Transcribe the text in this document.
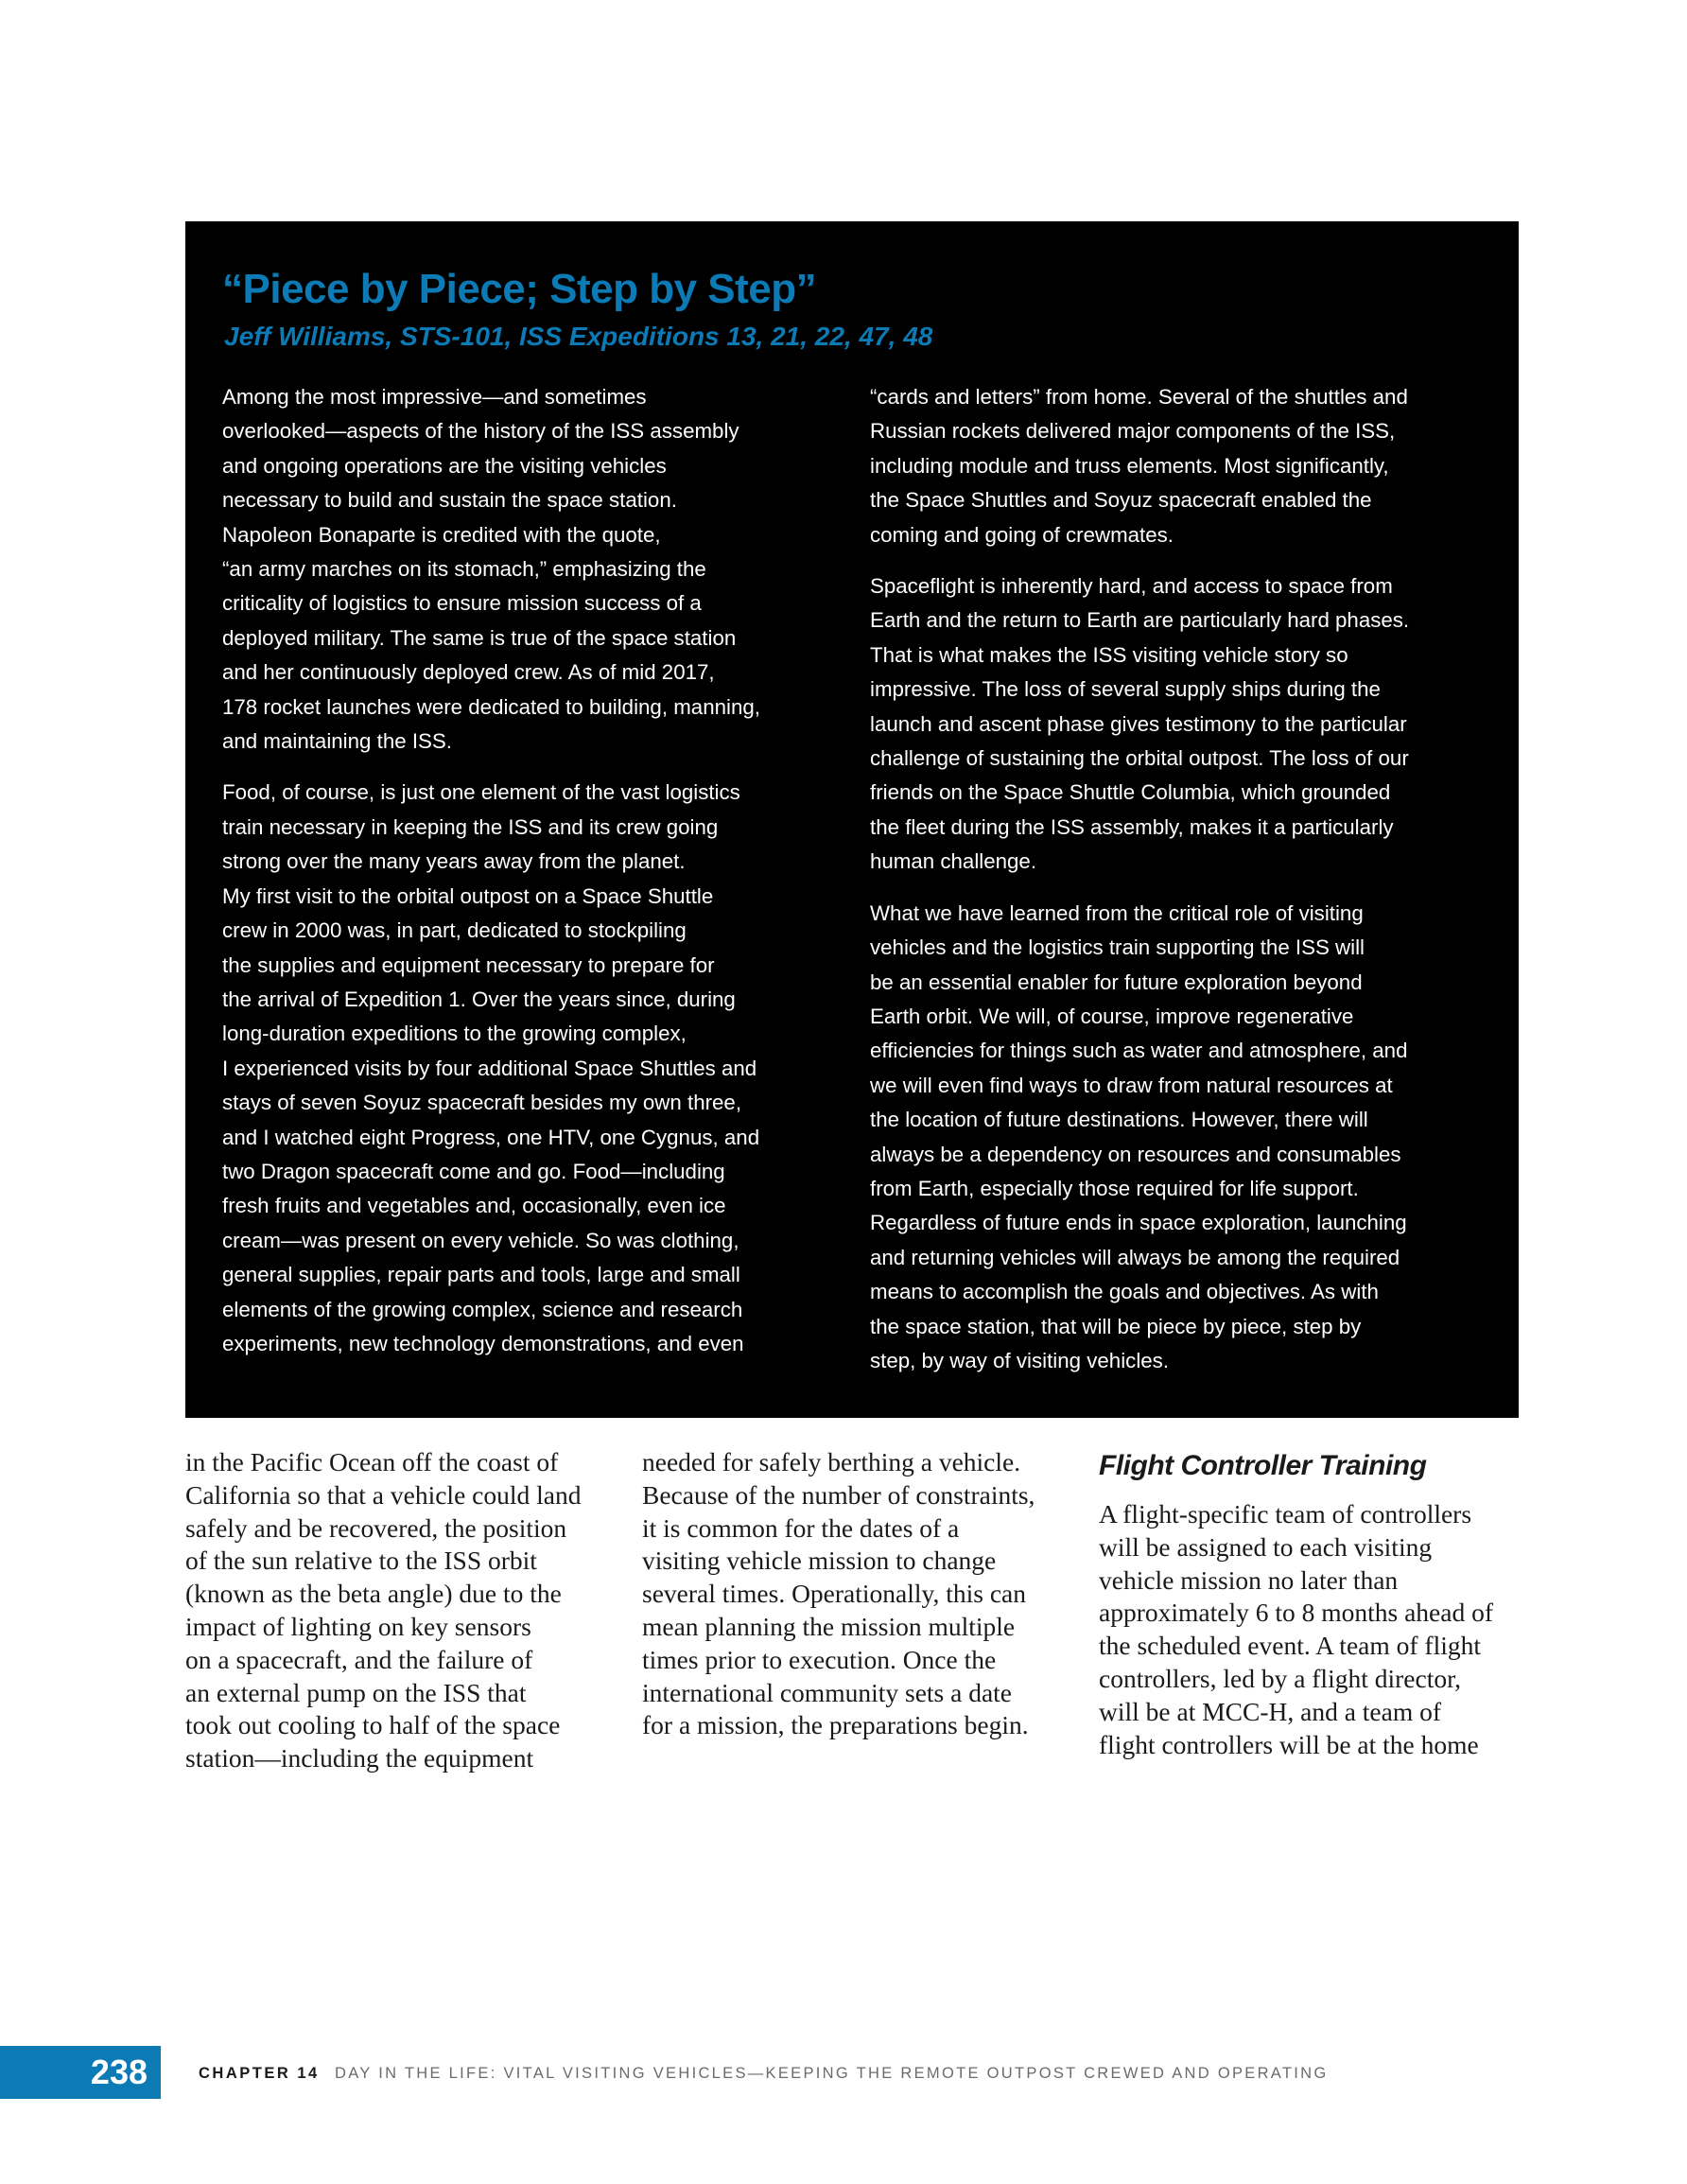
“Piece by Piece; Step by Step”
Jeff Williams, STS-101, ISS Expeditions 13, 21, 22, 47, 48

Among the most impressive—and sometimes
overlooked—aspects of the history of the ISS assembly
and ongoing operations are the visiting vehicles
necessary to build and sustain the space station.
Napoleon Bonaparte is credited with the quote,
“an army marches on its stomach,” emphasizing the
criticality of logistics to ensure mission success of a
deployed military. The same is true of the space station
and her continuously deployed crew. As of mid 2017,
178 rocket launches were dedicated to building, manning,
and maintaining the ISS.

Food, of course, is just one element of the vast logistics
train necessary in keeping the ISS and its crew going
strong over the many years away from the planet.
My first visit to the orbital outpost on a Space Shuttle
crew in 2000 was, in part, dedicated to stockpiling
the supplies and equipment necessary to prepare for
the arrival of Expedition 1. Over the years since, during
long-duration expeditions to the growing complex,
I experienced visits by four additional Space Shuttles and
stays of seven Soyuz spacecraft besides my own three,
and I watched eight Progress, one HTV, one Cygnus, and
two Dragon spacecraft come and go. Food—including
fresh fruits and vegetables and, occasionally, even ice
cream—was present on every vehicle. So was clothing,
general supplies, repair parts and tools, large and small
elements of the growing complex, science and research
experiments, new technology demonstrations, and even

“cards and letters” from home. Several of the shuttles and
Russian rockets delivered major components of the ISS,
including module and truss elements. Most significantly,
the Space Shuttles and Soyuz spacecraft enabled the
coming and going of crewmates.

Spaceflight is inherently hard, and access to space from
Earth and the return to Earth are particularly hard phases.
That is what makes the ISS visiting vehicle story so
impressive. The loss of several supply ships during the
launch and ascent phase gives testimony to the particular
challenge of sustaining the orbital outpost. The loss of our
friends on the Space Shuttle Columbia, which grounded
the fleet during the ISS assembly, makes it a particularly
human challenge.

What we have learned from the critical role of visiting
vehicles and the logistics train supporting the ISS will
be an essential enabler for future exploration beyond
Earth orbit. We will, of course, improve regenerative
efficiencies for things such as water and atmosphere, and
we will even find ways to draw from natural resources at
the location of future destinations. However, there will
always be a dependency on resources and consumables
from Earth, especially those required for life support.
Regardless of future ends in space exploration, launching
and returning vehicles will always be among the required
means to accomplish the goals and objectives. As with
the space station, that will be piece by piece, step by
step, by way of visiting vehicles.

in the Pacific Ocean off the coast of
California so that a vehicle could land
safely and be recovered, the position
of the sun relative to the ISS orbit
(known as the beta angle) due to the
impact of lighting on key sensors
on a spacecraft, and the failure of
an external pump on the ISS that
took out cooling to half of the space
station—including the equipment
needed for safely berthing a vehicle.
Because of the number of constraints,
it is common for the dates of a
visiting vehicle mission to change
several times. Operationally, this can
mean planning the mission multiple
times prior to execution. Once the
international community sets a date
for a mission, the preparations begin.
Flight Controller Training
A flight-specific team of controllers
will be assigned to each visiting
vehicle mission no later than
approximately 6 to 8 months ahead of
the scheduled event. A team of flight
controllers, led by a flight director,
will be at MCC-H, and a team of
flight controllers will be at the home
238	CHAPTER 14 DAY IN THE LIFE: VITAL VISITING VEHICLES—KEEPING THE REMOTE OUTPOST CREWED AND OPERATING
